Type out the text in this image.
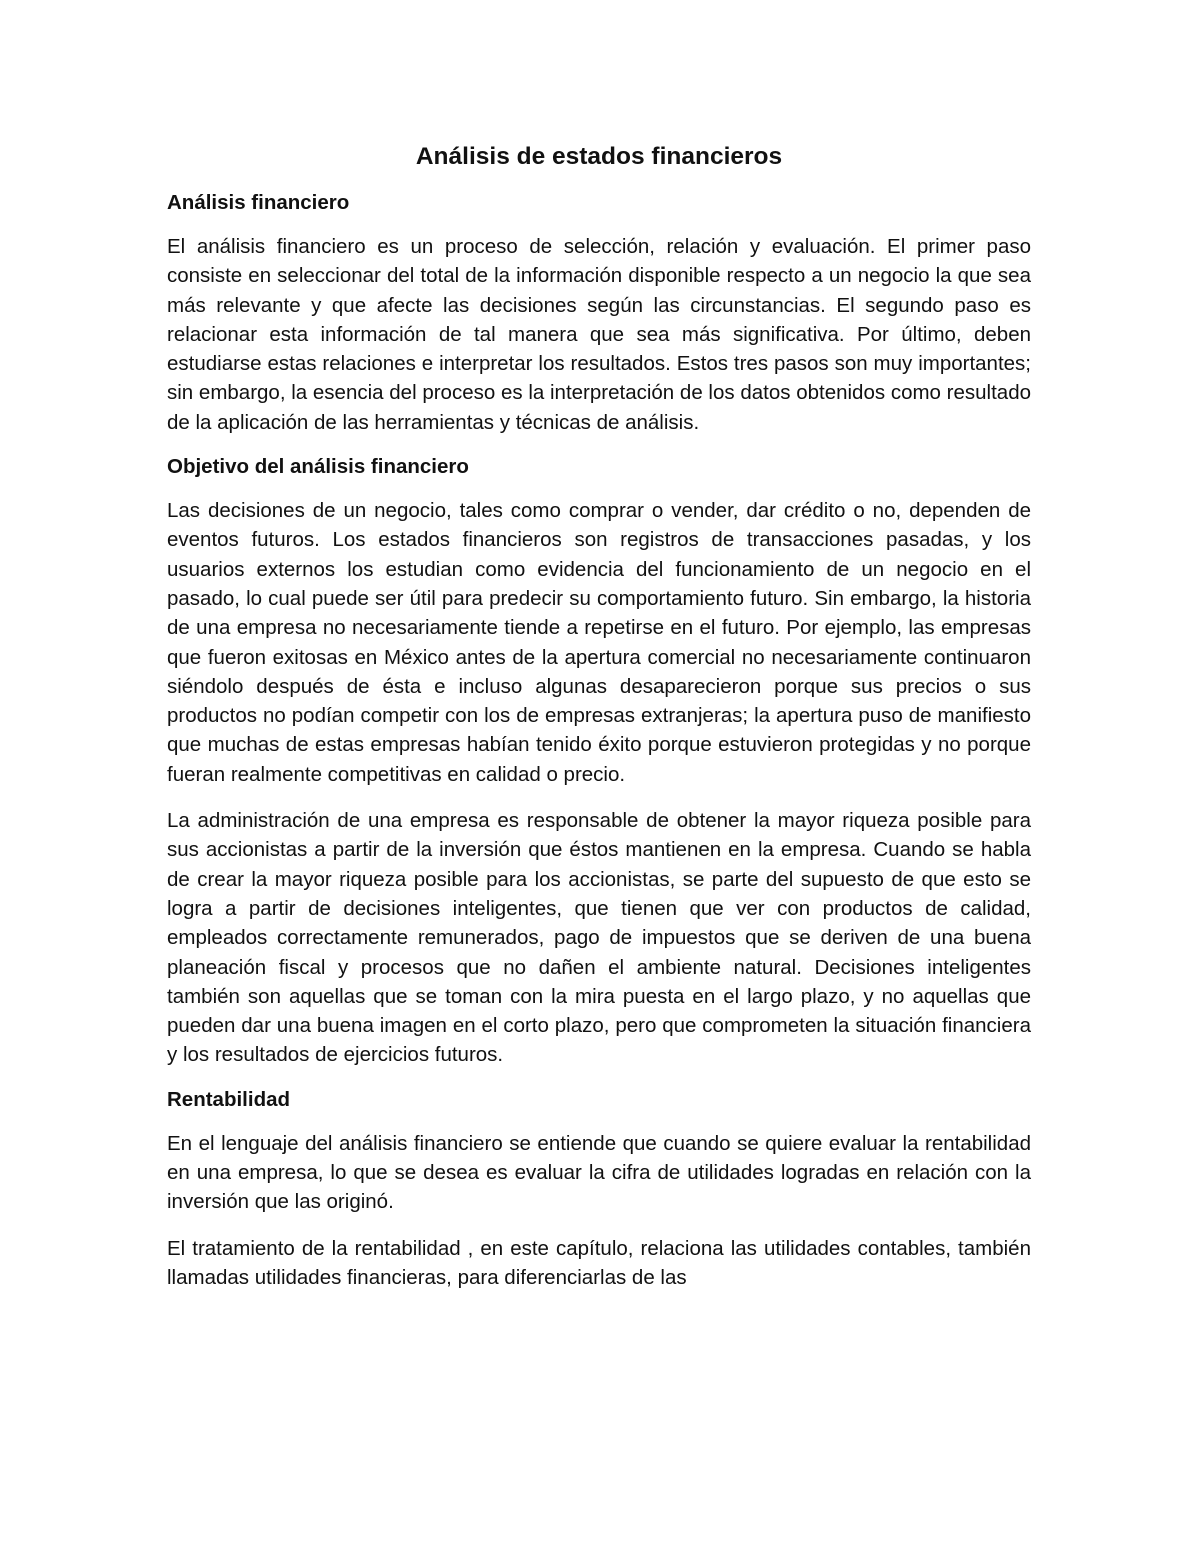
Análisis de estados financieros
Análisis financiero

El análisis financiero es un proceso de selección, relación y evaluación. El primer paso consiste en seleccionar del total de la información disponible respecto a un negocio la que sea más relevante y que afecte las decisiones según las circunstancias. El segundo paso es relacionar esta información de tal manera que sea más significativa. Por último, deben estudiarse estas relaciones e interpretar los resultados. Estos tres pasos son muy importantes; sin embargo, la esencia del proceso es la interpretación de los datos obtenidos como resultado de la aplicación de las herramientas y técnicas de análisis.

Objetivo del análisis financiero

Las decisiones de un negocio, tales como comprar o vender, dar crédito o no, dependen de eventos futuros. Los estados financieros son registros de transacciones pasadas, y los usuarios externos los estudian como evidencia del funcionamiento de un negocio en el pasado, lo cual puede ser útil para predecir su comportamiento futuro. Sin embargo, la historia de una empresa no necesariamente tiende a repetirse en el futuro. Por ejemplo, las empresas que fueron exitosas en México antes de la apertura comercial no necesariamente continuaron siéndolo después de ésta e incluso algunas desaparecieron porque sus precios o sus productos no podían competir con los de empresas extranjeras; la apertura puso de manifiesto que muchas de estas empresas habían tenido éxito porque estuvieron protegidas y no porque fueran realmente competitivas en calidad o precio.

La administración de una empresa es responsable de obtener la mayor riqueza posible para sus accionistas a partir de la inversión que éstos mantienen en la empresa. Cuando se habla de crear la mayor riqueza posible para los accionistas, se parte del supuesto de que esto se logra a partir de decisiones inteligentes, que tienen que ver con productos de calidad, empleados correctamente remunerados, pago de impuestos que se deriven de una buena planeación fiscal y procesos que no dañen el ambiente natural. Decisiones inteligentes también son aquellas que se toman con la mira puesta en el largo plazo, y no aquellas que pueden dar una buena imagen en el corto plazo, pero que comprometen la situación financiera y los resultados de ejercicios futuros.

Rentabilidad

En el lenguaje del análisis financiero se entiende que cuando se quiere evaluar la rentabilidad en una empresa, lo que se desea es evaluar la cifra de utilidades logradas en relación con la inversión que las originó.

El tratamiento de la rentabilidad , en este capítulo, relaciona las utilidades contables, también llamadas utilidades financieras, para diferenciarlas de las
